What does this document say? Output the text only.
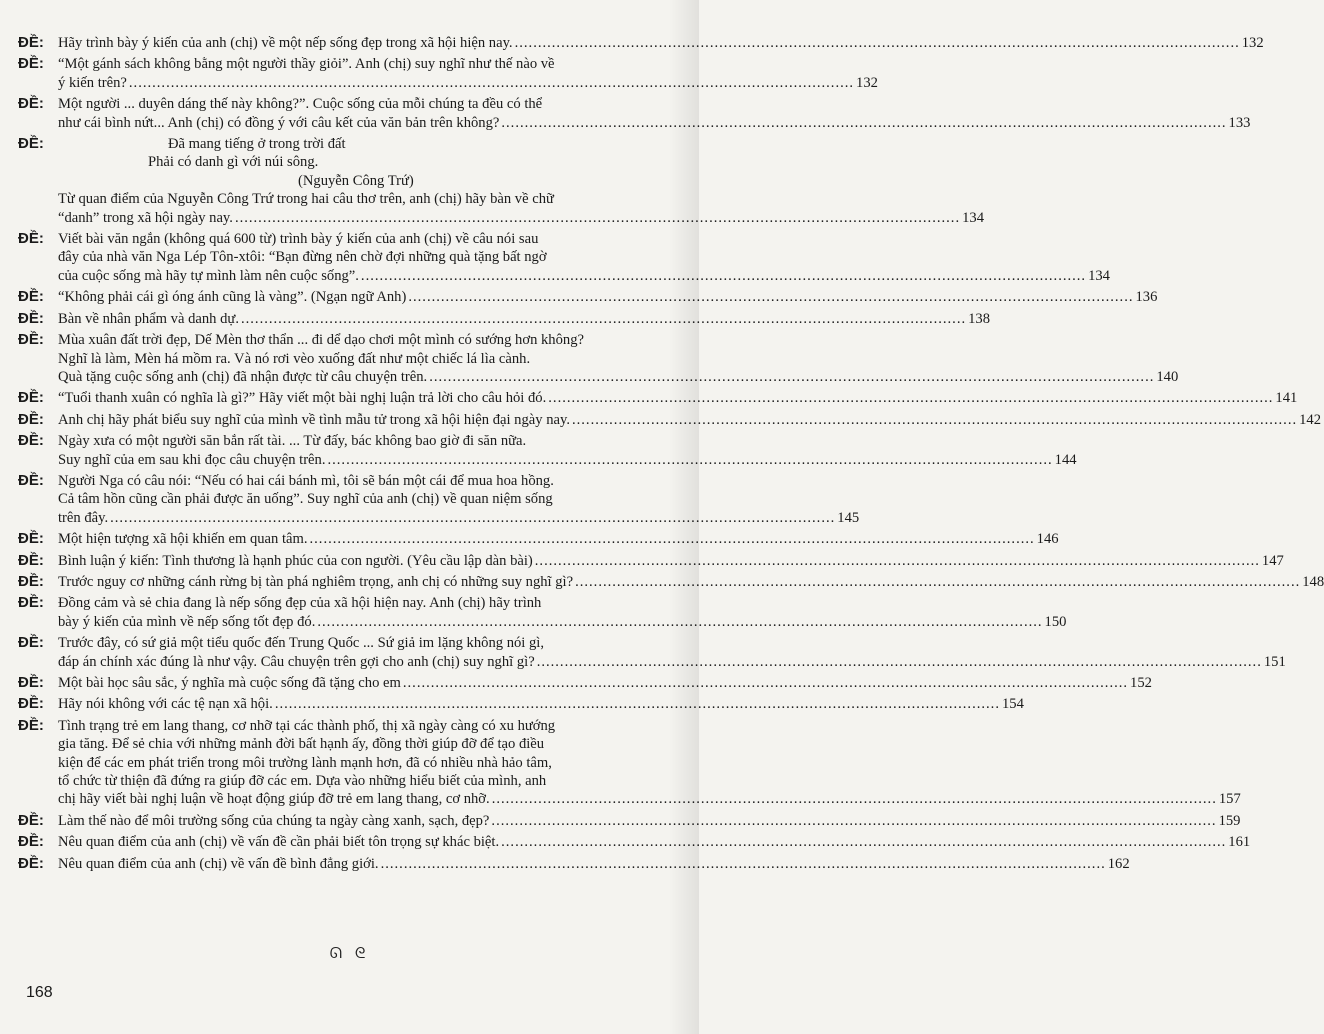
ĐỀ: Hãy trình bày ý kiến của anh (chị) về một nếp sống đẹp trong xã hội hiện nay. .....	132
ĐỀ: “Một gánh sách không bằng một người thầy giỏi”. Anh (chị) suy nghĩ như thế nào về
ý kiến trên? .....	132
ĐỀ: Một người ... duyên dáng thế này không?”. Cuộc sống của mỗi chúng ta đều có thể
như cái bình nứt... Anh (chị) có đồng ý với câu kết của văn bản trên không? .....	133
ĐỀ:	Đã mang tiếng ở trong trời đất
Phải có danh gì với núi sông.
(Nguyễn Công Trứ)
Từ quan điểm của Nguyễn Công Trứ trong hai câu thơ trên, anh (chị) hãy bàn về chữ
“danh” trong xã hội ngày nay. .....	134
ĐỀ: Viết bài văn ngắn (không quá 600 từ) trình bày ý kiến của anh (chị) về câu nói sau
đây của nhà văn Nga Lép Tôn-xtôi: “Bạn đừng nên chờ đợi những quà tặng bất ngờ
của cuộc sống mà hãy tự mình làm nên cuộc sống”. .....	134
ĐỀ: “Không phải cái gì óng ánh cũng là vàng”. (Ngạn ngữ Anh) .....	136
ĐỀ: Bàn về nhân phẩm và danh dự. .....	138
ĐỀ: Mùa xuân đất trời đẹp, Dế Mèn thơ thẩn ... đi dể dạo chơi một mình có sướng hơn không?
Nghĩ là làm, Mèn há mồm ra. Và nó rơi vèo xuống đất như một chiếc lá lìa cành.
Quà tặng cuộc sống anh (chị) đã nhận được từ câu chuyện trên. .....	140
ĐỀ: “Tuổi thanh xuân có nghĩa là gì?” Hãy viết một bài nghị luận trả lời cho câu hỏi đó. .....	141
ĐỀ: Anh chị hãy phát biểu suy nghĩ của mình về tình mẫu tử trong xã hội hiện đại ngày nay. .....	142
ĐỀ: Ngày xưa có một người săn bắn rất tài. ... Từ đấy, bác không bao giờ đi săn nữa.
Suy nghĩ của em sau khi đọc câu chuyện trên. .....	144
ĐỀ: Người Nga có câu nói: “Nếu có hai cái bánh mì, tôi sẽ bán một cái để mua hoa hồng.
Cả tâm hồn cũng cần phải được ăn uống”. Suy nghĩ của anh (chị) về quan niệm sống
trên đây. .....	145
ĐỀ: Một hiện tượng xã hội khiến em quan tâm. .....	146
ĐỀ: Bình luận ý kiến: Tình thương là hạnh phúc của con người. (Yêu cầu lập dàn bài) .....	147
ĐỀ: Trước nguy cơ những cánh rừng bị tàn phá nghiêm trọng, anh chị có những suy nghĩ gì? .....	148
ĐỀ: Đồng cảm và sẻ chia đang là nếp sống đẹp của xã hội hiện nay. Anh (chị) hãy trình
bày ý kiến của mình về nếp sống tốt đẹp đó. .....	150
ĐỀ: Trước đây, có sứ giả một tiểu quốc đến Trung Quốc ... Sứ giả im lặng không nói gì,
đáp án chính xác đúng là như vậy. Câu chuyện trên gợi cho anh (chị) suy nghĩ gì? .....	151
ĐỀ: Một bài học sâu sắc, ý nghĩa mà cuộc sống đã tặng cho em .....	152
ĐỀ: Hãy nói không với các tệ nạn xã hội. .....	154
ĐỀ: Tình trạng trẻ em lang thang, cơ nhỡ tại các thành phố, thị xã ngày càng có xu hướng
gia tăng. Để sẻ chia với những mảnh đời bất hạnh ấy, đồng thời giúp đỡ để tạo điều
kiện để các em phát triển trong môi trường lành mạnh hơn, đã có nhiều nhà hảo tâm,
tổ chức từ thiện đã đứng ra giúp đỡ các em. Dựa vào những hiểu biết của mình, anh
chị hãy viết bài nghị luận về hoạt động giúp đỡ trẻ em lang thang, cơ nhỡ. .....	157
ĐỀ: Làm thế nào để môi trường sống của chúng ta ngày càng xanh, sạch, đẹp? .....	159
ĐỀ: Nêu quan điểm của anh (chị) về vấn đề cần phải biết tôn trọng sự khác biệt. .....	161
ĐỀ: Nêu quan điểm của anh (chị) về vấn đề bình đẳng giới. .....	162
ᘏ ᘓ
168
